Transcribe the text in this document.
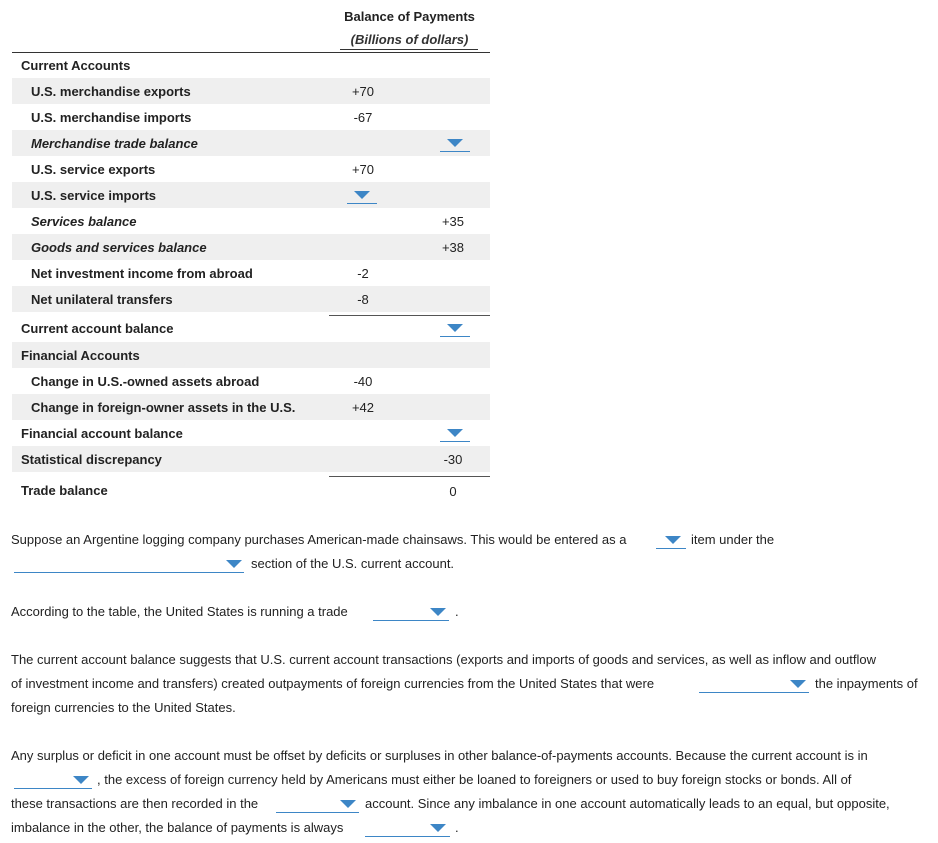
Balance of Payments
(Billions of dollars)
Current Accounts
U.S. merchandise exports	+70
U.S. merchandise imports	-67
Merchandise trade balance
U.S. service exports	+70
U.S. service imports
Services balance	+35
Goods and services balance	+38
Net investment income from abroad	-2
Net unilateral transfers	-8
Current account balance
Financial Accounts
Change in U.S.-owned assets abroad	-40
Change in foreign-owner assets in the U.S.	+42
Financial account balance
Statistical discrepancy	-30
Trade balance	0
Suppose an Argentine logging company purchases American-made chainsaws. This would be entered as a	item under the
section of the U.S. current account.
According to the table, the United States is running a trade	.
The current account balance suggests that U.S. current account transactions (exports and imports of goods and services, as well as inflow and outflow
of investment income and transfers) created outpayments of foreign currencies from the United States that were	the inpayments of
foreign currencies to the United States.
Any surplus or deficit in one account must be offset by deficits or surpluses in other balance-of-payments accounts. Because the current account is in
, the excess of foreign currency held by Americans must either be loaned to foreigners or used to buy foreign stocks or bonds. All of
these transactions are then recorded in the	account. Since any imbalance in one account automatically leads to an equal, but opposite,
imbalance in the other, the balance of payments is always	.
